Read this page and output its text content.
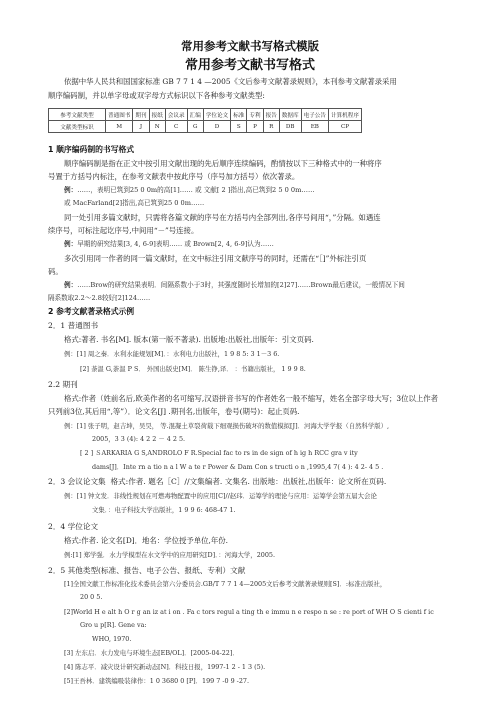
常用参考文献书写格式模版
常用参考文献书写格式
依据中华人民共和国国家标准 GB 7 7 1 4 —2005《文后参考文献著录规则》，本刊参考文献著录采用
顺序编码制，并以单字母或双字母方式标识以下各种参考文献类型:
参考文献类型	普通图书	期刊	报纸	会议录	汇编	学位论文	标准	专利	报告	数据库	电子公告	计算机程序
文献类型标识	M	J	N	C	G	D	S	P	R	DB	EB	CP
1 顺序编码制的书写格式
顺序编码制是指在正文中按引用文献出现的先后顺序连续编码，酌情按以下三种格式中的一种将序
号置于方括号内标注，在参考文献表中按此序号（序号加方括号）依次著录。
例：……，表明已筑到25 0 0m的高[1]…… 或 文献[ 2 ]指出,高已筑到2 5 0 0m……
或 MacFarland[2]指出,高已筑到25 0 0m……
同一处引用多篇文献时，只需将各篇文献的序号在方括号内全部列出,各序号间用“，”分隔。如遇连
续序号，可标注起讫序号,中间用“－”号连接。
例：早期的研究结果[3, 4, 6-9]表明…… 或 Brown[2, 4, 6-9]认为……
多次引用同一作者的同一篇文献时，在文中标注引用文献序号的同时，还需在“［]”外标注引页
码。
例：……Brow的研究结果表明．间隔系数小于3时，其强度随时长增加的[2]27]……Brown最后建议，一般情况下间
隔系数取2.2～2.8较好[2]124……
2 参考文献著录格式示例
2．1 普通图书
格式:著者. 书名[M]. 版本(第一版不著录). 出版地:出版社,出版年：引文页码.
例：[1] 周之秦．水利水能规划[M]．：水利电力出版社，1 9 8 5: 3 1－3 6.
[2] 荼温 G,荼温 P S． 外国出版史[M]． 陈生铮,译． ：书籍出版社， 1 9 9 8.
2.2 期刊
格式:作者（姓前名后,欧美作者的名可缩写,汉语拼音书写的作者姓名一般不缩写，姓名全部字母大写；3位以上作者
只列前3位,其后用“,等”）．论文名[J] .期刊名,出版年，卷号(期号)：起止页码.
例：[1] 张子明，赵吉坤，吴昊， 等.混凝土草裂荷载下细观损伤破坏的数值模拟[J]．河海大学学报（自然科学版）,
2005，3 3 (4): 4 2 2 － 4 2 5.
[ 2 ] ＳARKARIA G S,ANDROLO F R.Special fac to rs in de sign of h ig h RCC gra v ity
dams[J]．Inte rn a tio n a l W a te r Power & Dam Con s tructi o n ,1995,4 7( 4 ): 4 2- 4 5 .
2．3 会议论文集 格式:作者. 题名［C］//文集编者. 文集名. 出版地：出版社,出版年：论文所在页码.
例：[1] 钟文发．非线性规划在可燃毒物配置中的应用[C]//赵玮．运筹学的理论与应用：运筹学会第五届大会论
文集．：电子科技大学出版社，1 9 9 6: 468-47 1.
2．4 学位论文
格式:作者. 论文名[D]．地名：学位授予单位,年份.
例:[1] 郑学强．水力学模型在水文学中的应用研究[D]．：河海大学，2005.
2．5 其他类型(标准、报告、电子公告、报纸、专利）文献
[1]全国文献工作标准化技术委员会第六分委员会.GB/T 7 7 1 4—2005文后参考文献著录规则[S]．:标准出版社，
20 0 5.
[2]World H e alt h O r g an iz at i on . Fa c tors regul a ting th e immu n e respo n se : re port of WH O S cienti f ic
Gro u p[R]. Gene va:
WHO, 1970.
[3] 左东启．水力发电与环境生态[EB/OL]．[2005-04-22]．
[4] 陈志平．减灾设计研究新动态[N]．科技日报，1997-1 2 - 1 3 (5).
[5]王吾林．建筑编吸装律作：1 0 3680 0 [P]．199 7 -0 9 -27.
